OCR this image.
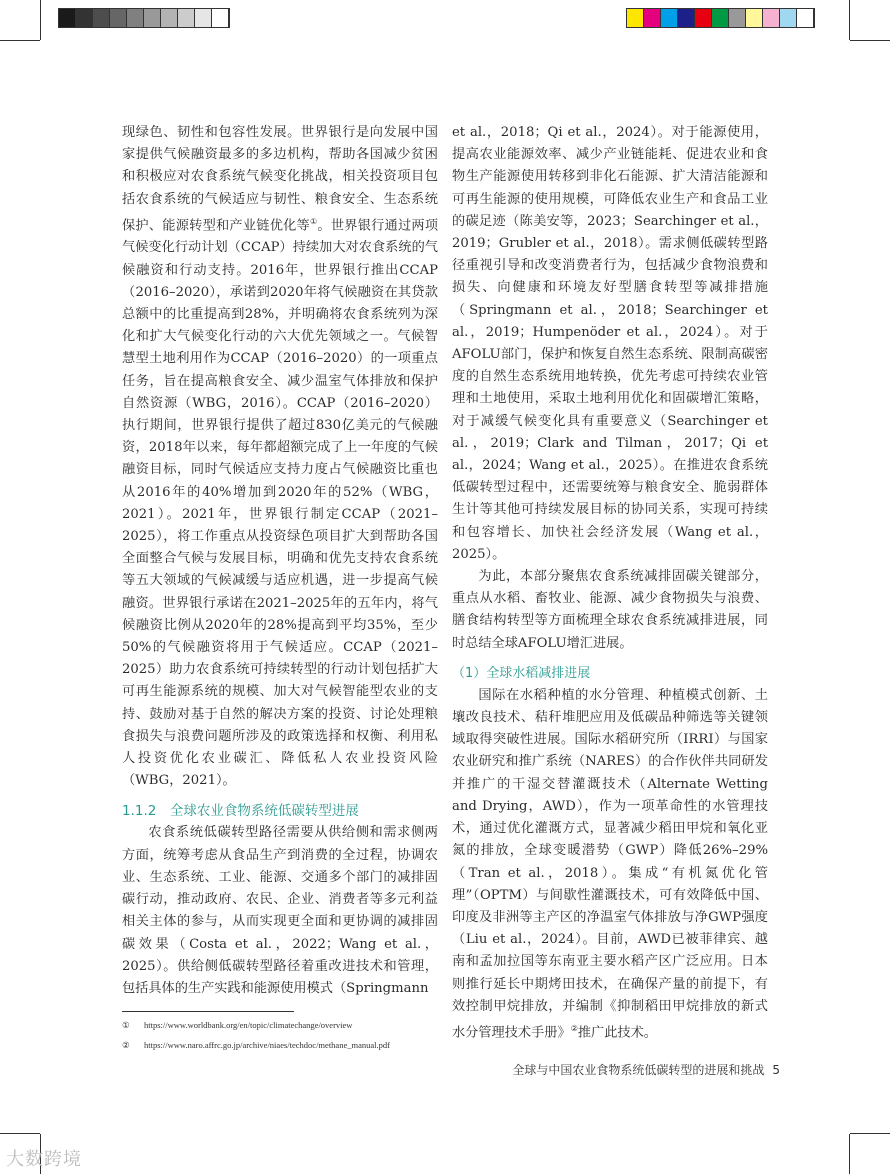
现绿色、韧性和包容性发展。世界银行是向发展中国家提供气候融资最多的多边机构，帮助各国减少贫困和积极应对农食系统气候变化挑战，相关投资项目包括农食系统的气候适应与韧性、粮食安全、生态系统保护、能源转型和产业链优化等①。世界银行通过两项气候变化行动计划（CCAP）持续加大对农食系统的气候融资和行动支持。2016年，世界银行推出CCAP（2016–2020），承诺到2020年将气候融资在其贷款总额中的比重提高到28%，并明确将农食系统列为深化和扩大气候变化行动的六大优先领域之一。气候智慧型土地利用作为CCAP（2016–2020）的一项重点任务，旨在提高粮食安全、减少温室气体排放和保护自然资源（WBG，2016）。CCAP（2016–2020）执行期间，世界银行提供了超过830亿美元的气候融资，2018年以来，每年都超额完成了上一年度的气候融资目标，同时气候适应支持力度占气候融资比重也从2016年的40%增加到2020年的52%（WBG，2021）。2021年，世界银行制定CCAP（2021–2025），将工作重点从投资绿色项目扩大到帮助各国全面整合气候与发展目标，明确和优先支持农食系统等五大领域的气候减缓与适应机遇，进一步提高气候融资。世界银行承诺在2021–2025年的五年内，将气候融资比例从2020年的28%提高到平均35%，至少50%的气候融资将用于气候适应。CCAP（2021–2025）助力农食系统可持续转型的行动计划包括扩大可再生能源系统的规模、加大对气候智能型农业的支持、鼓励对基于自然的解决方案的投资、讨论处理粮食损失与浪费问题所涉及的政策选择和权衡、利用私人投资优化农业碳汇、降低私人农业投资风险（WBG，2021）。

1.1.2　全球农业食物系统低碳转型进展

农食系统低碳转型路径需要从供给侧和需求侧两方面，统筹考虑从食品生产到消费的全过程，协调农业、生态系统、工业、能源、交通多个部门的减排固碳行动，推动政府、农民、企业、消费者等多元利益相关主体的参与，从而实现更全面和更协调的减排固碳效果（Costa et al.，2022；Wang et al.，2025）。供给侧低碳转型路径着重改进技术和管理，包括具体的生产实践和能源使用模式（Springmann

et al.，2018；Qi et al.，2024）。对于能源使用，提高农业能源效率、减少产业链能耗、促进农业和食物生产能源使用转移到非化石能源、扩大清洁能源和可再生能源的使用规模，可降低农业生产和食品工业的碳足迹（陈美安等，2023；Searchinger et al.，2019；Grubler et al.，2018）。需求侧低碳转型路径重视引导和改变消费者行为，包括减少食物浪费和损失、向健康和环境友好型膳食转型等减排措施（Springmann et al.，2018；Searchinger et al.，2019；Humpenöder et al.，2024）。对于AFOLU部门，保护和恢复自然生态系统、限制高碳密度的自然生态系统用地转换，优先考虑可持续农业管理和土地使用，采取土地利用优化和固碳增汇策略，对于减缓气候变化具有重要意义（Searchinger et al.，2019；Clark and Tilman，2017；Qi et al.，2024；Wang et al.，2025）。在推进农食系统低碳转型过程中，还需要统筹与粮食安全、脆弱群体生计等其他可持续发展目标的协同关系，实现可持续和包容增长、加快社会经济发展（Wang et al.，2025）。

为此，本部分聚焦农食系统减排固碳关键部分，重点从水稻、畜牧业、能源、减少食物损失与浪费、膳食结构转型等方面梳理全球农食系统减排进展，同时总结全球AFOLU增汇进展。

（1）全球水稻减排进展

国际在水稻种植的水分管理、种植模式创新、土壤改良技术、秸秆堆肥应用及低碳品种筛选等关键领域取得突破性进展。国际水稻研究所（IRRI）与国家农业研究和推广系统（NARES）的合作伙伴共同研发并推广的干湿交替灌溉技术（Alternate Wetting and Drying，AWD），作为一项革命性的水管理技术，通过优化灌溉方式，显著减少稻田甲烷和氧化亚氮的排放，全球变暖潜势（GWP）降低26%–29%（Tran et al.，2018）。集成“有机氮优化管理”（OPTM）与间歇性灌溉技术，可有效降低中国、印度及非洲等主产区的净温室气体排放与净GWP强度（Liu et al.，2024）。目前，AWD已被菲律宾、越南和孟加拉国等东南亚主要水稻产区广泛应用。日本则推行延长中期烤田技术，在确保产量的前提下，有效控制甲烷排放，并编制《抑制稻田甲烷排放的新式水分管理技术手册》②推广此技术。

① https://www.worldbank.org/en/topic/climatechange/overview
② https://www.naro.affrc.go.jp/archive/niaes/techdoc/methane_manual.pdf
全球与中国农业食物系统低碳转型的进展和挑战 5
大数跨境
